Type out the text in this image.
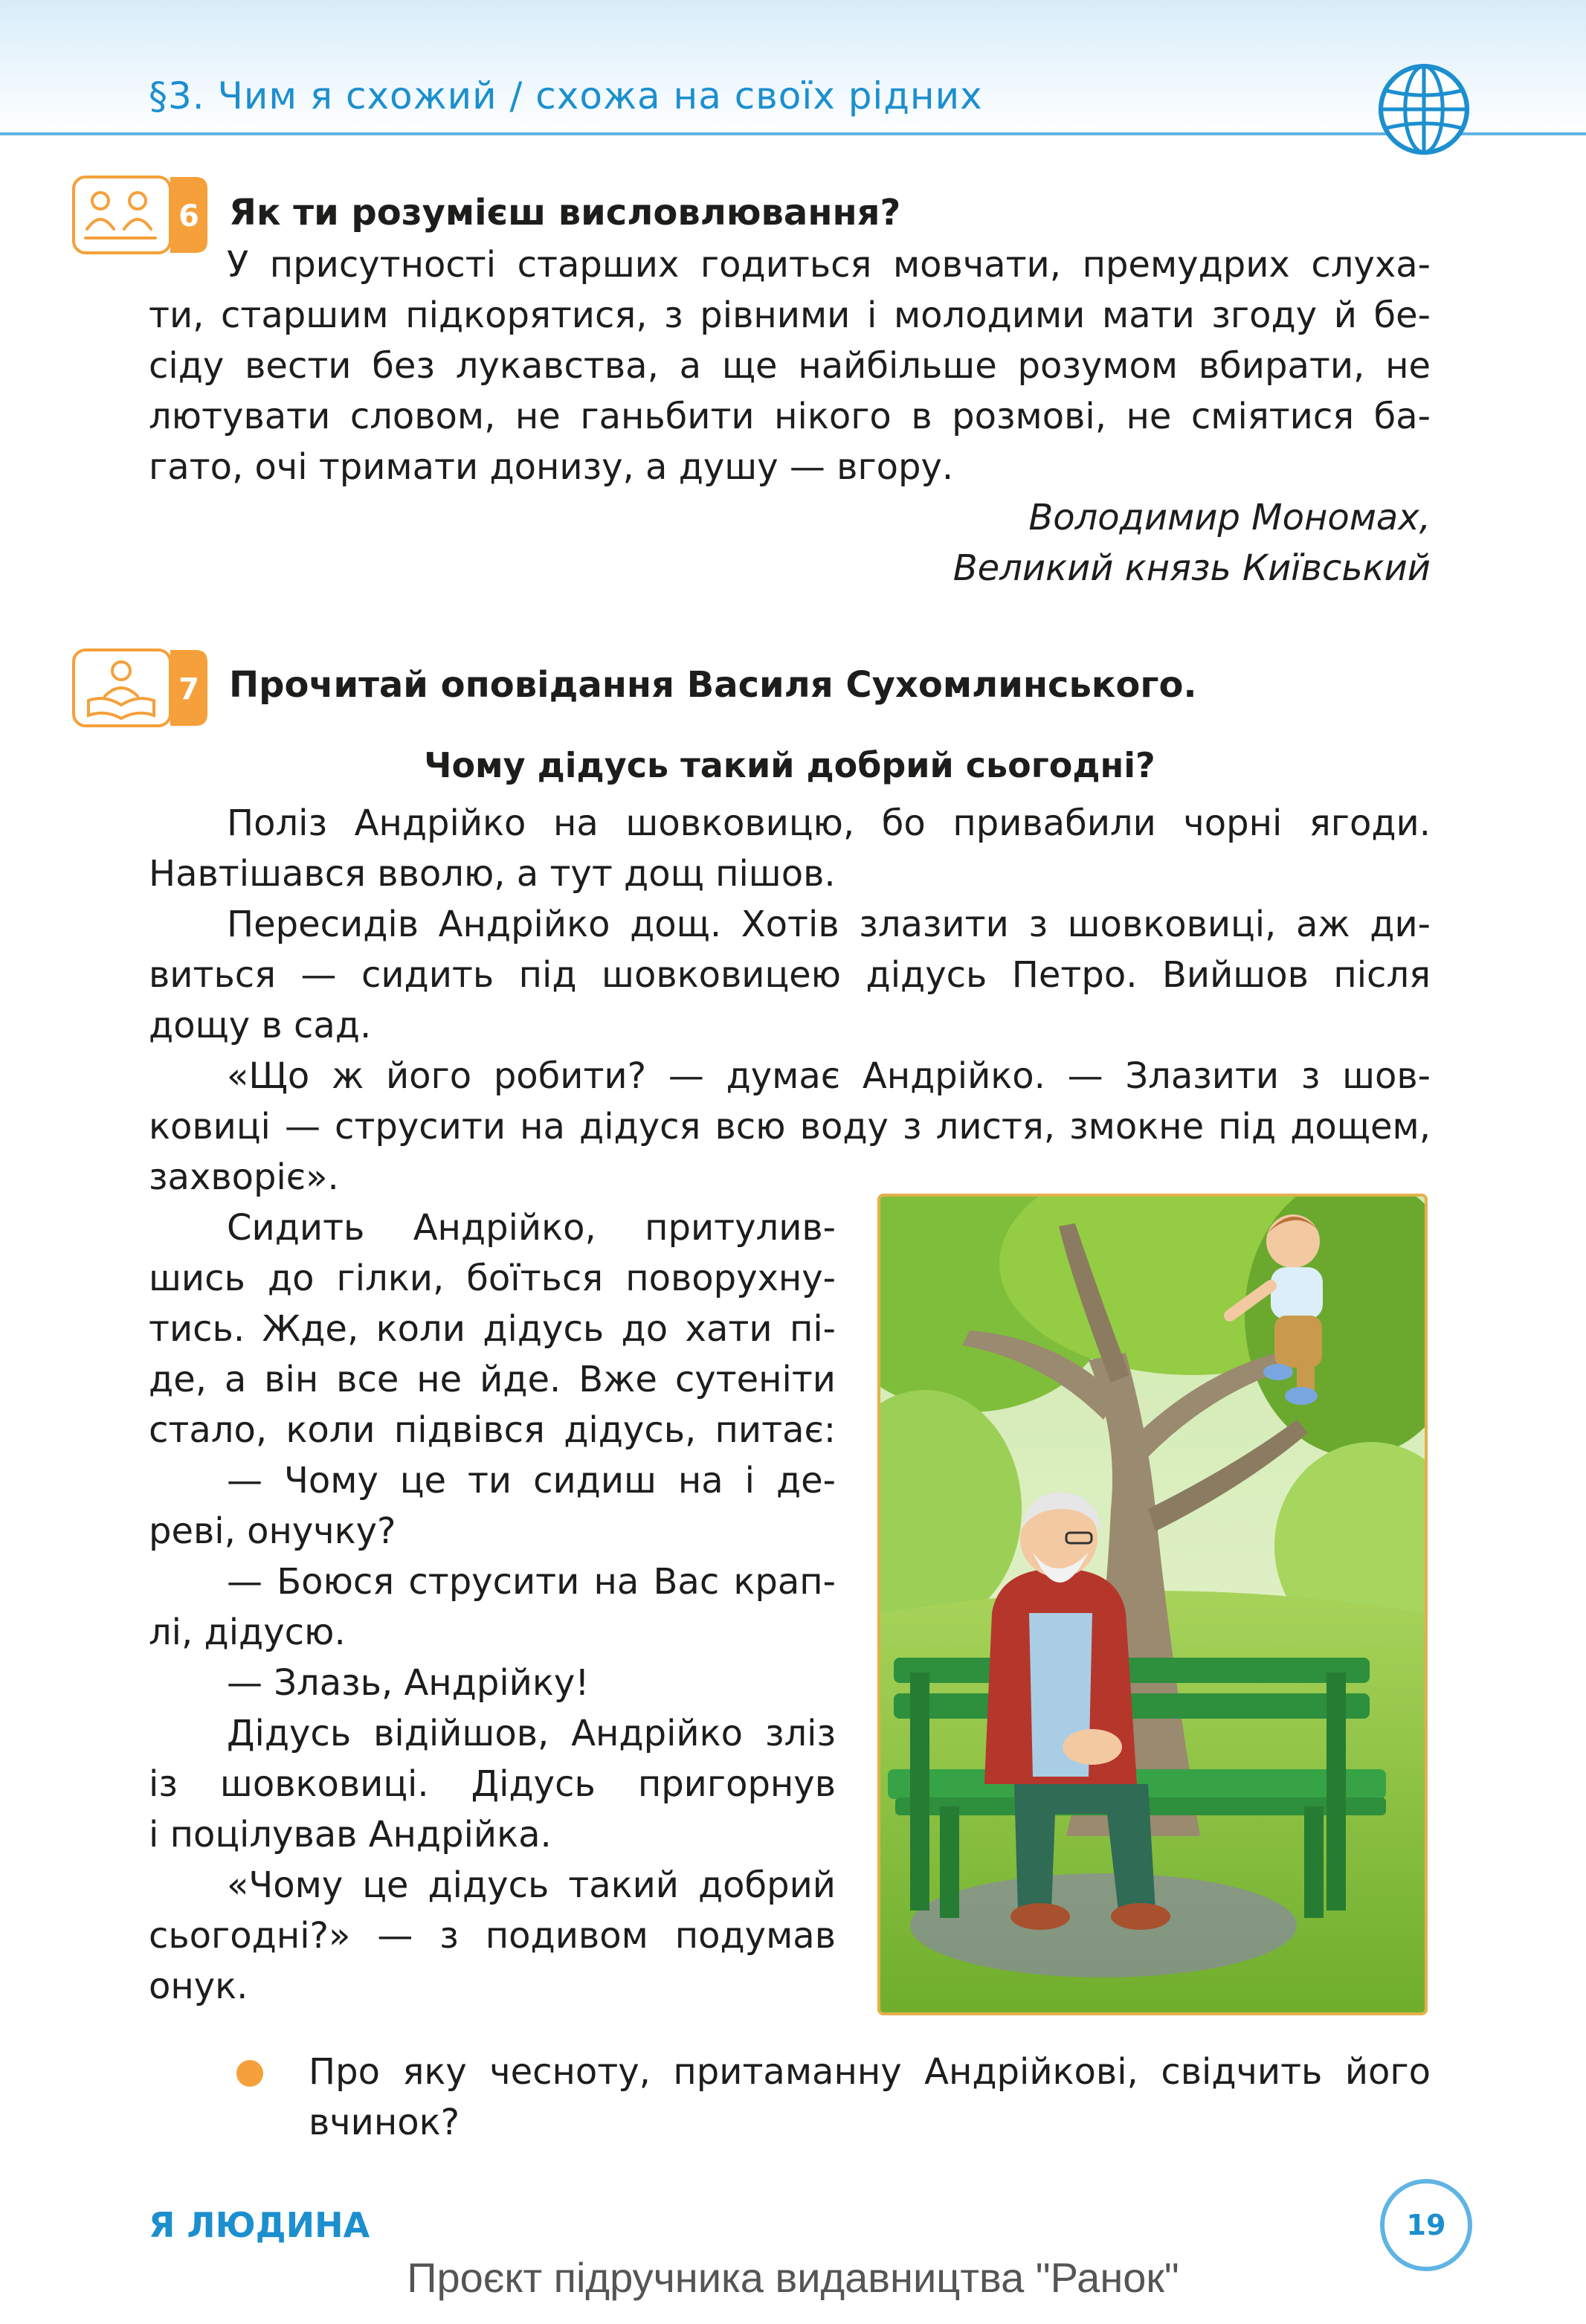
§3. Чим я схожий / схожа на своїх рідних
6 Як ти розумієш висловлювання?
У присутності старших годиться мовчати, премудрих слуха-
ти, старшим підкорятися, з рівними і молодими мати згоду й бе-
сіду вести без лукавства, а ще найбільше розумом вбирати, не
лютувати словом, не ганьбити нікого в розмові, не сміятися ба-
гато, очі тримати донизу, а душу — вгору.
Володимир Мономах,
Великий князь Київський
7 Прочитай оповідання Василя Сухомлинського.
Чому дідусь такий добрий сьогодні?
Поліз Андрійко на шовковицю, бо привабили чорні ягоди.
Навтішався вволю, а тут дощ пішов.
Пересидів Андрійко дощ. Хотів злазити з шовковиці, аж ди-
виться — сидить під шовковицею дідусь Петро. Вийшов після
дощу в сад.
«Що ж його робити? — думає Андрійко. — Злазити з шов-
ковиці — струсити на дідуся всю воду з листя, змокне під дощем,
захворіє».
Сидить Андрійко, притулив-
шись до гілки, боїться поворухну-
тись. Жде, коли дідусь до хати пі-
де, а він все не йде. Вже сутеніти
стало, коли підвівся дідусь, питає:
— Чому це ти сидиш на і де-
реві, онучку?
— Боюся струсити на Вас крап-
лі, дідусю.
— Злазь, Андрійку!
Дідусь відійшов, Андрійко зліз
із шовковиці. Дідусь пригорнув
і поцілував Андрійка.
«Чому це дідусь такий добрий
сьогодні?» — з подивом подумав
онук.
Про яку чесноту, притаманну Андрійкові, свідчить його
вчинок?
Я ЛЮДИНА	19
Проєкт підручника видавництва "Ранок"
